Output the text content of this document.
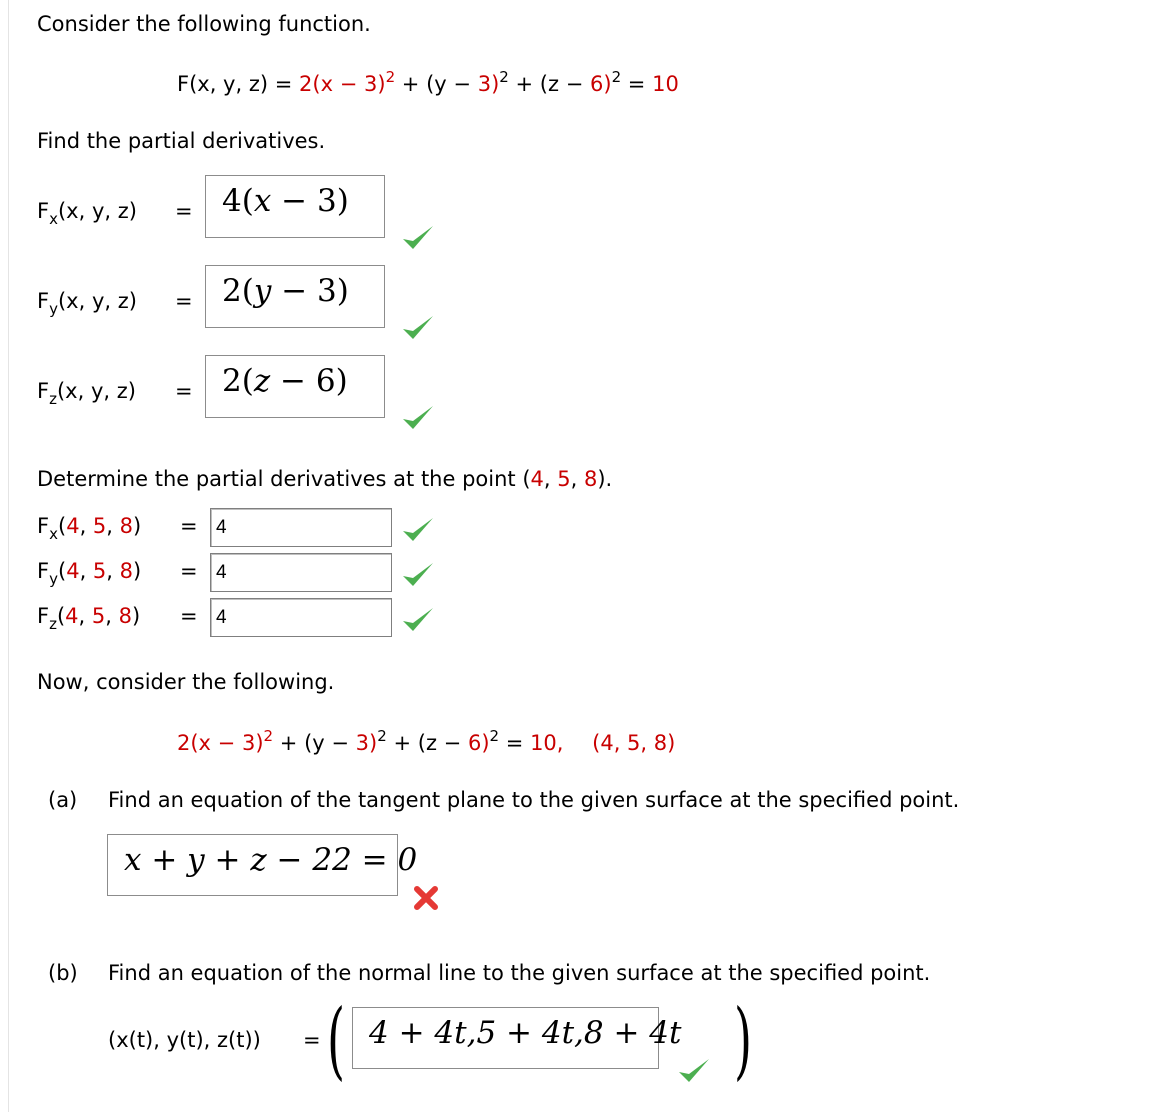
Consider the following function.
F(x, y, $z) = 2(x - 3)^2 + (y - 3)^2 + (z - 6)^2 = 10$
Find the partial derivatives.
$F_x(x$, y, z) = 4(x − 3)
$F_y(x$, y, z) = 2(y − 3)
$F_z(x$, y, z) = 2(z − 6)
Determine the partial derivatives at the point (4, 5, 8).
$F_x(4$, 5, 8) = 4
$F_y(4$, 5, 8) = 4
$F_z(4$, 5, 8) = 4
Now, consider the following.
$2(x - 3)^2 + (y - 3)^2 + (z - 6)^2 = 10$, (4, 5, 8)
(a) Find an equation of the tangent plane to the given surface at the specified point.
x + y + z − 22 = 0
(b) Find an equation of the normal line to the given surface at the specified point.
(x(t), y(t), z(t)) = ( 4 + 4t,5 + 4t,8 + 4t )
